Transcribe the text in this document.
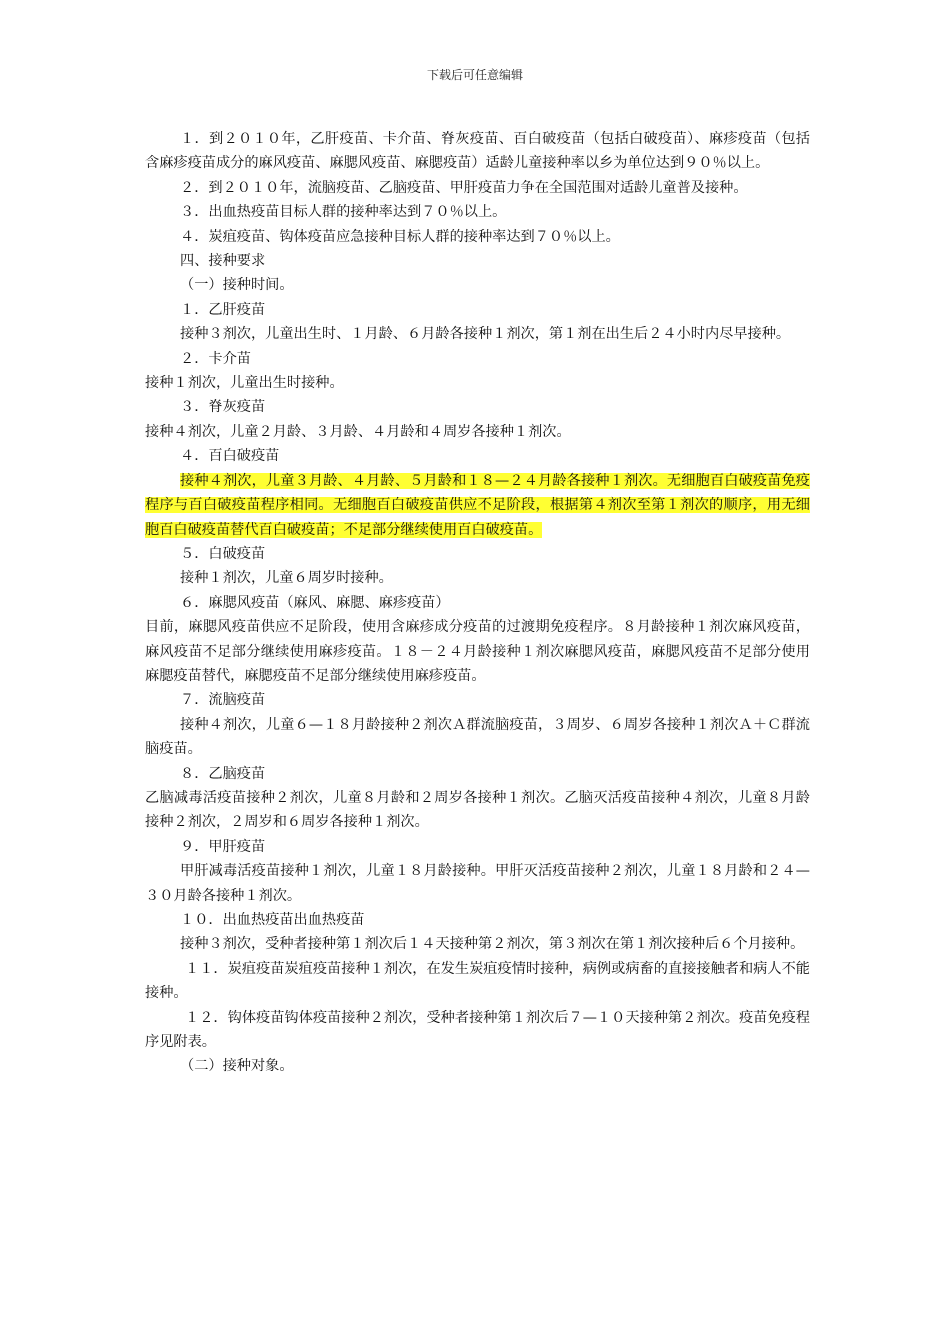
下载后可任意编辑

１．到２０１０年，乙肝疫苗、卡介苗、脊灰疫苗、百白破疫苗（包括白破疫苗）、麻疹疫苗（包括含麻疹疫苗成分的麻风疫苗、麻腮风疫苗、麻腮疫苗）适龄儿童接种率以乡为单位达到９０％以上。

２．到２０１０年，流脑疫苗、乙脑疫苗、甲肝疫苗力争在全国范围对适龄儿童普及接种。

３．出血热疫苗目标人群的接种率达到７０％以上。

４．炭疽疫苗、钩体疫苗应急接种目标人群的接种率达到７０％以上。

四、接种要求

（一）接种时间。

１．乙肝疫苗

接种３剂次，儿童出生时、１月龄、６月龄各接种１剂次，第１剂在出生后２４小时内尽早接种。

２．卡介苗

接种１剂次，儿童出生时接种。

３．脊灰疫苗

接种４剂次，儿童２月龄、３月龄、４月龄和４周岁各接种１剂次。

４．百白破疫苗

接种４剂次，儿童３月龄、４月龄、５月龄和１８—２４月龄各接种１剂次。无细胞百白破疫苗免疫程序与百白破疫苗程序相同。无细胞百白破疫苗供应不足阶段，根据第４剂次至第１剂次的顺序，用无细胞百白破疫苗替代百白破疫苗；不足部分继续使用百白破疫苗。

５．白破疫苗

接种１剂次，儿童６周岁时接种。

６．麻腮风疫苗（麻风、麻腮、麻疹疫苗）

目前，麻腮风疫苗供应不足阶段，使用含麻疹成分疫苗的过渡期免疫程序。８月龄接种１剂次麻风疫苗，麻风疫苗不足部分继续使用麻疹疫苗。１８－２４月龄接种１剂次麻腮风疫苗，麻腮风疫苗不足部分使用麻腮疫苗替代，麻腮疫苗不足部分继续使用麻疹疫苗。

７．流脑疫苗

接种４剂次，儿童６—１８月龄接种２剂次Ａ群流脑疫苗，３周岁、６周岁各接种１剂次Ａ＋Ｃ群流脑疫苗。

８．乙脑疫苗

乙脑减毒活疫苗接种２剂次，儿童８月龄和２周岁各接种１剂次。乙脑灭活疫苗接种４剂次，儿童８月龄接种２剂次，２周岁和６周岁各接种１剂次。

９．甲肝疫苗

甲肝减毒活疫苗接种１剂次，儿童１８月龄接种。甲肝灭活疫苗接种２剂次，儿童１８月龄和２４—３０月龄各接种１剂次。

１０．出血热疫苗出血热疫苗

接种３剂次，受种者接种第１剂次后１４天接种第２剂次，第３剂次在第１剂次接种后６个月接种。

１１．炭疽疫苗炭疽疫苗接种１剂次，在发生炭疽疫情时接种，病例或病畜的直接接触者和病人不能接种。

１２．钩体疫苗钩体疫苗接种２剂次，受种者接种第１剂次后７—１０天接种第２剂次。疫苗免疫程序见附表。

（二）接种对象。
